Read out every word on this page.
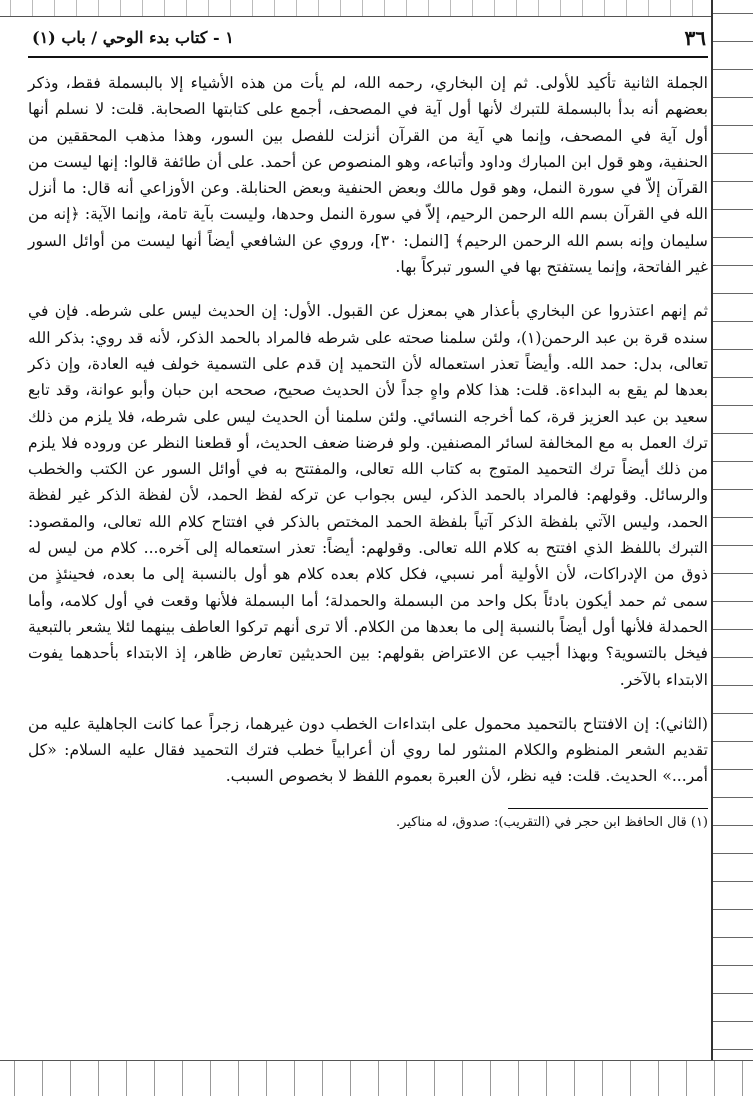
٣٦
١ - كتاب بدء الوحي / باب (١)

الجملة الثانية تأكيد للأولى. ثم إن البخاري، رحمه الله، لم يأت من هذه الأشياء إلا بالبسملة فقط، وذكر بعضهم أنه بدأ بالبسملة للتبرك لأنها أول آية في المصحف، أجمع على كتابتها الصحابة. قلت: لا نسلم أنها أول آية في المصحف، وإنما هي آية من القرآن أنزلت للفصل بين السور، وهذا مذهب المحققين من الحنفية، وهو قول ابن المبارك وداود وأتباعه، وهو المنصوص عن أحمد. على أن طائفة قالوا: إنها ليست من القرآن إلاّ في سورة النمل، وهو قول مالك وبعض الحنفية وبعض الحنابلة. وعن الأوزاعي أنه قال: ما أنزل الله في القرآن بسم الله الرحمن الرحيم، إلاّ في سورة النمل وحدها، وليست بآية تامة، وإنما الآية: ﴿إنه من سليمان وإنه بسم الله الرحمن الرحيم﴾ [النمل: ٣٠]، وروي عن الشافعي أيضاً أنها ليست من أوائل السور غير الفاتحة، وإنما يستفتح بها في السور تبركاً بها.

ثم إنهم اعتذروا عن البخاري بأعذار هي بمعزل عن القبول. الأول: إن الحديث ليس على شرطه. فإن في سنده قرة بن عبد الرحمن(١)، ولئن سلمنا صحته على شرطه فالمراد بالحمد الذكر، لأنه قد روي: بذكر الله تعالى، بدل: حمد الله. وأيضاً تعذر استعماله لأن التحميد إن قدم على التسمية خولف فيه العادة، وإن ذكر بعدها لم يقع به البداءة. قلت: هذا كلام واهٍ جداً لأن الحديث صحيح، صححه ابن حبان وأبو عوانة، وقد تابع سعيد بن عبد العزيز قرة، كما أخرجه النسائي. ولئن سلمنا أن الحديث ليس على شرطه، فلا يلزم من ذلك ترك العمل به مع المخالفة لسائر المصنفين. ولو فرضنا ضعف الحديث، أو قطعنا النظر عن وروده فلا يلزم من ذلك أيضاً ترك التحميد المتوج به كتاب الله تعالى، والمفتتح به في أوائل السور عن الكتب والخطب والرسائل. وقولهم: فالمراد بالحمد الذكر، ليس بجواب عن تركه لفظ الحمد، لأن لفظة الذكر غير لفظة الحمد، وليس الآتي بلفظة الذكر آتياً بلفظة الحمد المختص بالذكر في افتتاح كلام الله تعالى، والمقصود: التبرك باللفظ الذي افتتح به كلام الله تعالى. وقولهم: أيضاً: تعذر استعماله إلى آخره... كلام من ليس له ذوق من الإدراكات، لأن الأولية أمر نسبي، فكل كلام بعده كلام هو أول بالنسبة إلى ما بعده، فحينئذٍ من سمى ثم حمد أيكون بادئاً بكل واحد من البسملة والحمدلة؛ أما البسملة فلأنها وقعت في أول كلامه، وأما الحمدلة فلأنها أول أيضاً بالنسبة إلى ما بعدها من الكلام. ألا ترى أنهم تركوا العاطف بينهما لئلا يشعر بالتبعية فيخل بالتسوية؟ وبهذا أجيب عن الاعتراض بقولهم: بين الحديثين تعارض ظاهر، إذ الابتداء بأحدهما يفوت الابتداء بالآخر.

(الثاني): إن الافتتاح بالتحميد محمول على ابتداءات الخطب دون غيرهما، زجراً عما كانت الجاهلية عليه من تقديم الشعر المنظوم والكلام المنثور لما روي أن أعرابياً خطب فترك التحميد فقال عليه السلام: «كل أمر...» الحديث. قلت: فيه نظر، لأن العبرة بعموم اللفظ لا بخصوص السبب.

(١) قال الحافظ ابن حجر في (التقريب): صدوق، له مناكير.
